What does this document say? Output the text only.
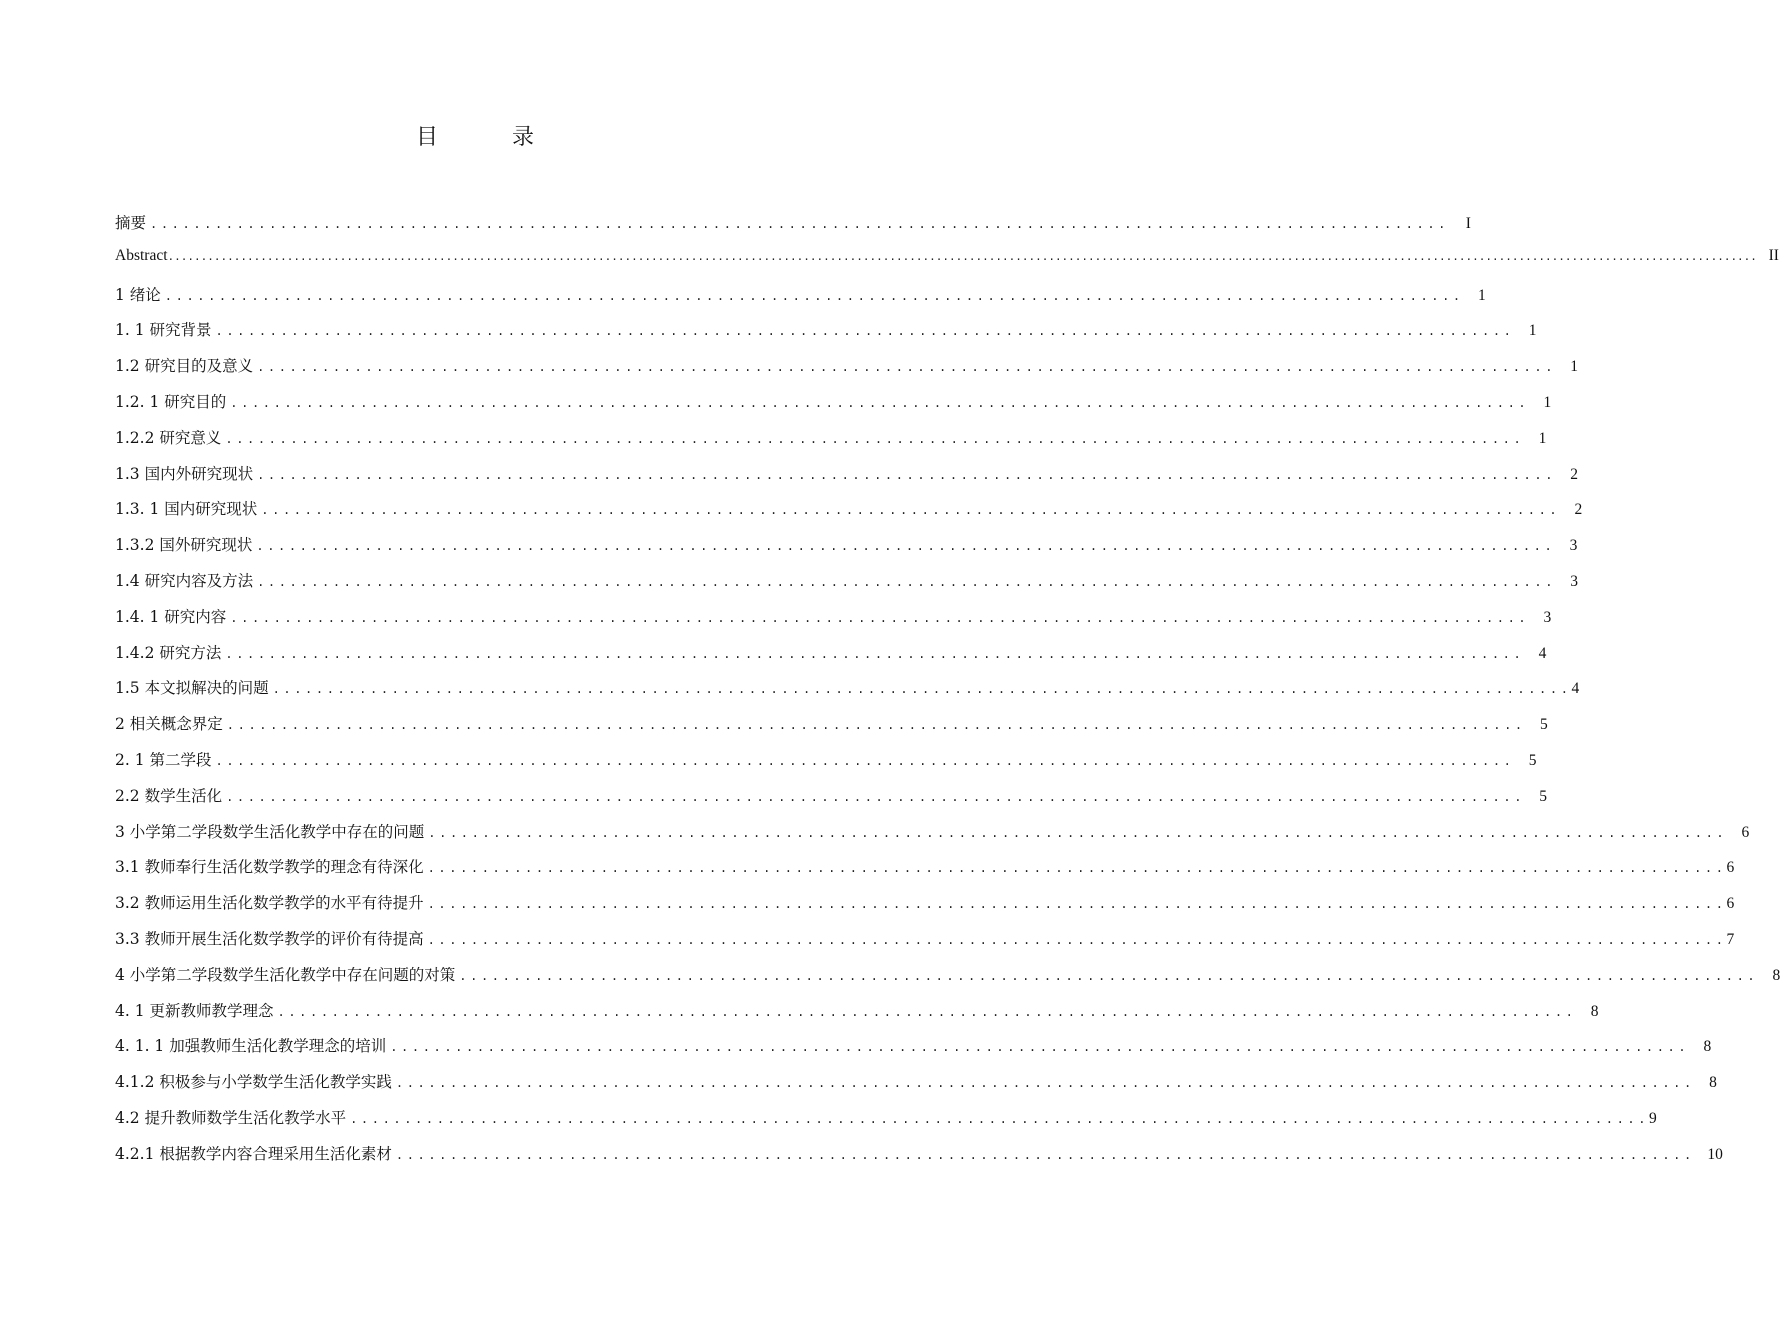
目　录
摘要 ........................................................................................................................	I
Abstract ................................................................................................................................................................................................................................................ II
1 绪论 ........................................................................................................................ 1
1. 1 研究背景 ........................................................................................................................ 1
1.2 研究目的及意义 ........................................................................................................................ 1
1.2. 1 研究目的 ........................................................................................................................ 1
1.2.2 研究意义 ........................................................................................................................ 1
1.3 国内外研究现状 ........................................................................................................................ 2
1.3. 1 国内研究现状 ........................................................................................................................ 2
1.3.2 国外研究现状 ........................................................................................................................ 3
1.4 研究内容及方法 ........................................................................................................................ 3
1.4. 1 研究内容 ........................................................................................................................ 3
1.4.2 研究方法 ........................................................................................................................ 4
1.5 本文拟解决的问题 ........................................................................................................................ 4
2 相关概念界定 ........................................................................................................................ 5
2. 1 第二学段 ........................................................................................................................ 5
2.2 数学生活化 ........................................................................................................................ 5
3 小学第二学段数学生活化教学中存在的问题 ........................................................................................................................ 6
3.1 教师奉行生活化数学教学的理念有待深化 ........................................................................................................................ 6
3.2 教师运用生活化数学教学的水平有待提升 ........................................................................................................................ 6
3.3 教师开展生活化数学教学的评价有待提高 ........................................................................................................................ 7
4 小学第二学段数学生活化教学中存在问题的对策 ........................................................................................................................ 8
4. 1 更新教师教学理念 ........................................................................................................................ 8
4. 1. 1 加强教师生活化教学理念的培训 ........................................................................................................................ 8
4.1.2 积极参与小学数学生活化教学实践 ........................................................................................................................ 8
4.2 提升教师数学生活化教学水平 ........................................................................................................................ 9
4.2.1 根据教学内容合理采用生活化素材 ........................................................................................................................ 10
